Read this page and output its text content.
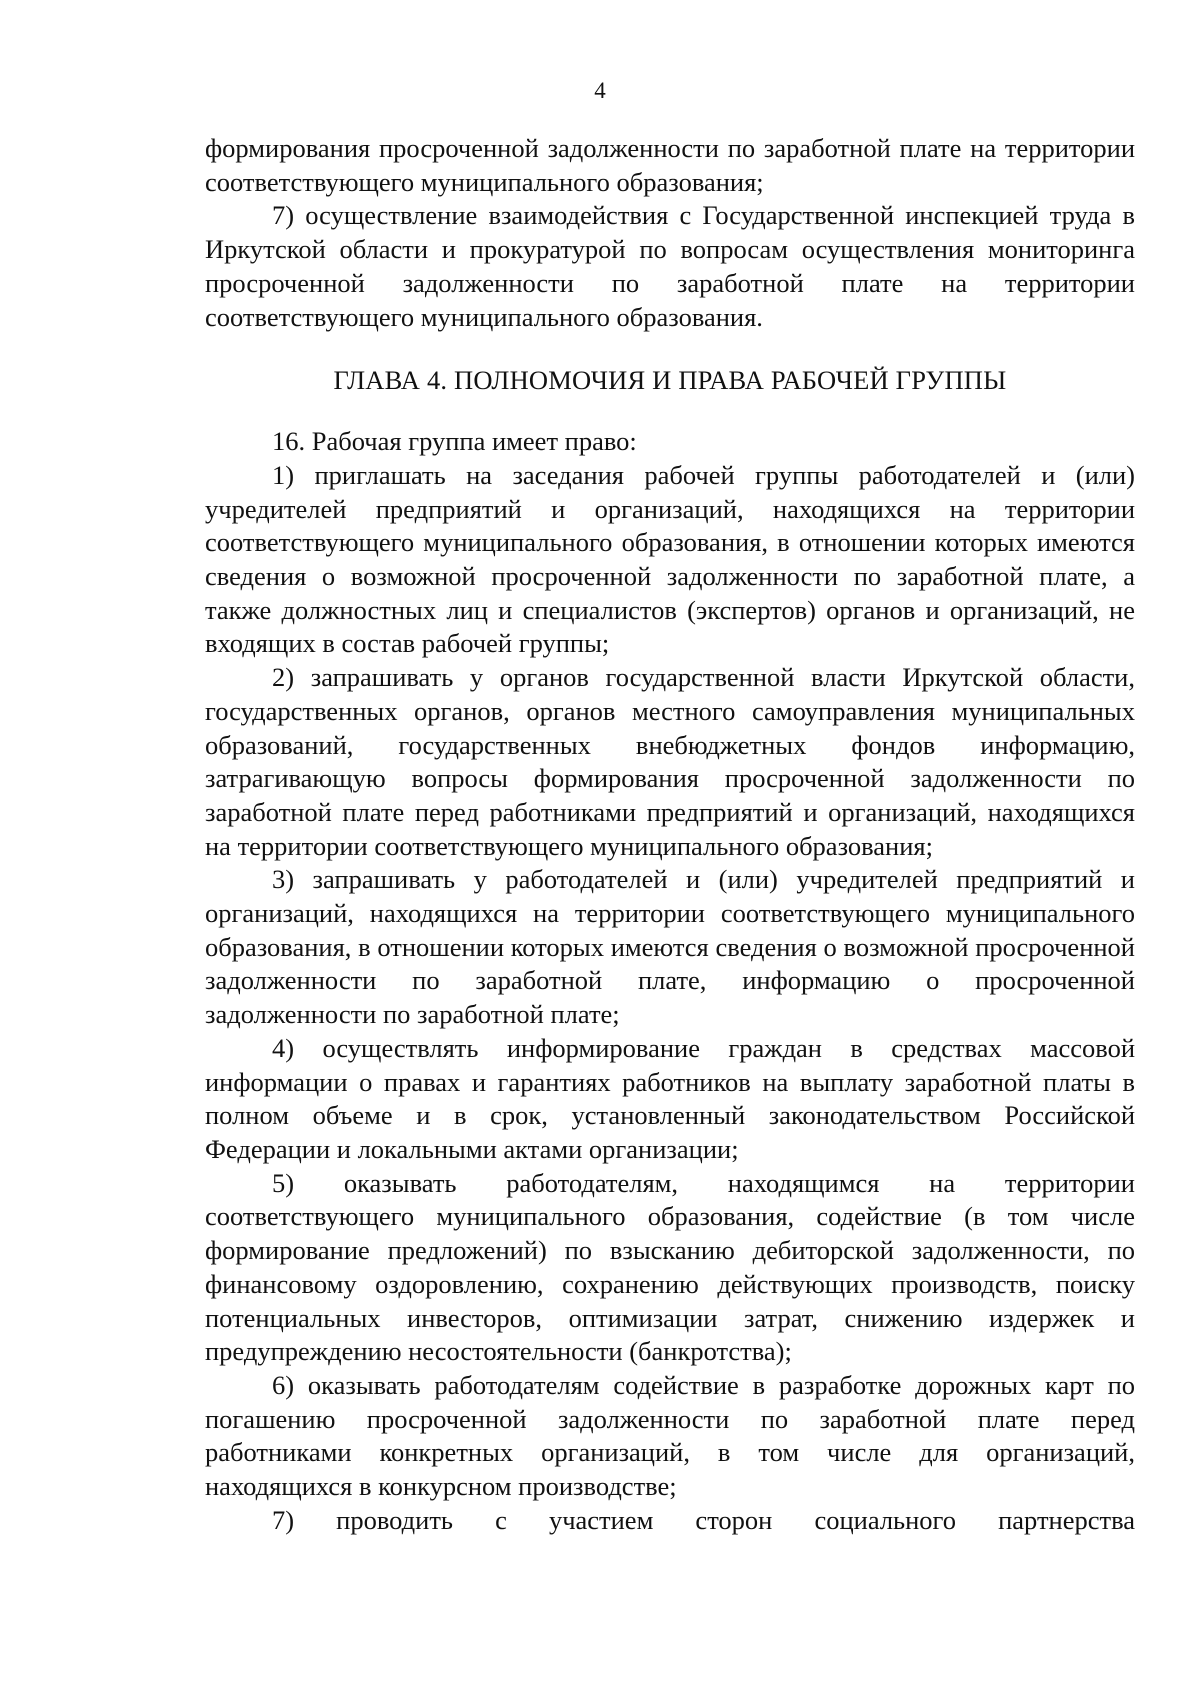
4

формирования просроченной задолженности по заработной плате на территории соответствующего муниципального образования;

7) осуществление взаимодействия с Государственной инспекцией труда в Иркутской области и прокуратурой по вопросам осуществления мониторинга просроченной задолженности по заработной плате на территории соответствующего муниципального образования.

ГЛАВА 4. ПОЛНОМОЧИЯ И ПРАВА РАБОЧЕЙ ГРУППЫ

16. Рабочая группа имеет право:

1) приглашать на заседания рабочей группы работодателей и (или) учредителей предприятий и организаций, находящихся на территории соответствующего муниципального образования, в отношении которых имеются сведения о возможной просроченной задолженности по заработной плате, а также должностных лиц и специалистов (экспертов) органов и организаций, не входящих в состав рабочей группы;

2) запрашивать у органов государственной власти Иркутской области, государственных органов, органов местного самоуправления муниципальных образований, государственных внебюджетных фондов информацию, затрагивающую вопросы формирования просроченной задолженности по заработной плате перед работниками предприятий и организаций, находящихся на территории соответствующего муниципального образования;

3) запрашивать у работодателей и (или) учредителей предприятий и организаций, находящихся на территории соответствующего муниципального образования, в отношении которых имеются сведения о возможной просроченной задолженности по заработной плате, информацию о просроченной задолженности по заработной плате;

4) осуществлять информирование граждан в средствах массовой информации о правах и гарантиях работников на выплату заработной платы в полном объеме и в срок, установленный законодательством Российской Федерации и локальными актами организации;

5) оказывать работодателям, находящимся на территории соответствующего муниципального образования, содействие (в том числе формирование предложений) по взысканию дебиторской задолженности, по финансовому оздоровлению, сохранению действующих производств, поиску потенциальных инвесторов, оптимизации затрат, снижению издержек и предупреждению несостоятельности (банкротства);

6) оказывать работодателям содействие в разработке дорожных карт по погашению просроченной задолженности по заработной плате перед работниками конкретных организаций, в том числе для организаций, находящихся в конкурсном производстве;

7) проводить с участием сторон социального партнерства
